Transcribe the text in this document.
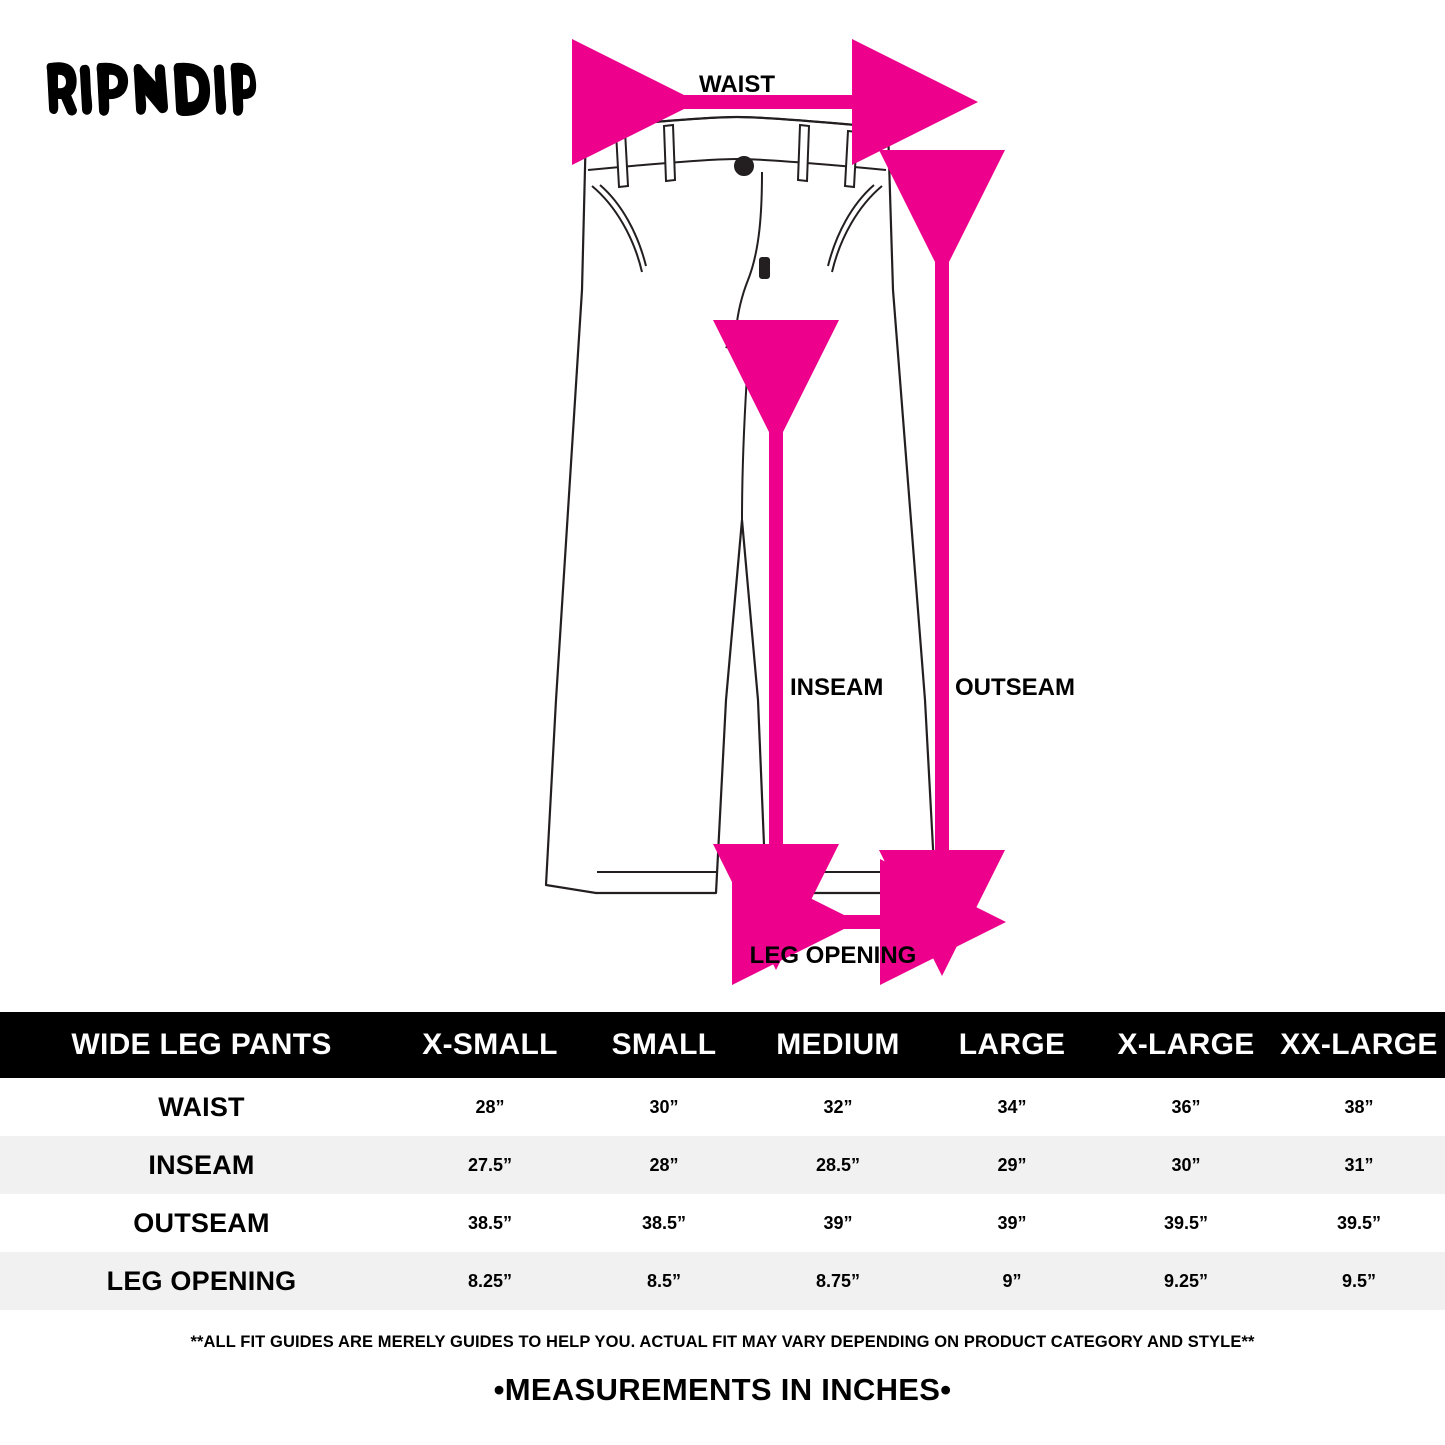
WAIST
OUTSEAM
INSEAM
LEG OPENING
WIDE LEG PANTS	X-SMALL	SMALL	MEDIUM	LARGE	X-LARGE	XX-LARGE
WAIST	28”	30”	32”	34”	36”	38”
INSEAM	27.5”	28”	28.5”	29”	30”	31”
OUTSEAM	38.5”	38.5”	39”	39”	39.5”	39.5”
LEG OPENING	8.25”	8.5”	8.75”	9”	9.25”	9.5”
**ALL FIT GUIDES ARE MERELY GUIDES TO HELP YOU. ACTUAL FIT MAY VARY DEPENDING ON PRODUCT CATEGORY AND STYLE**
•MEASUREMENTS IN INCHES•
